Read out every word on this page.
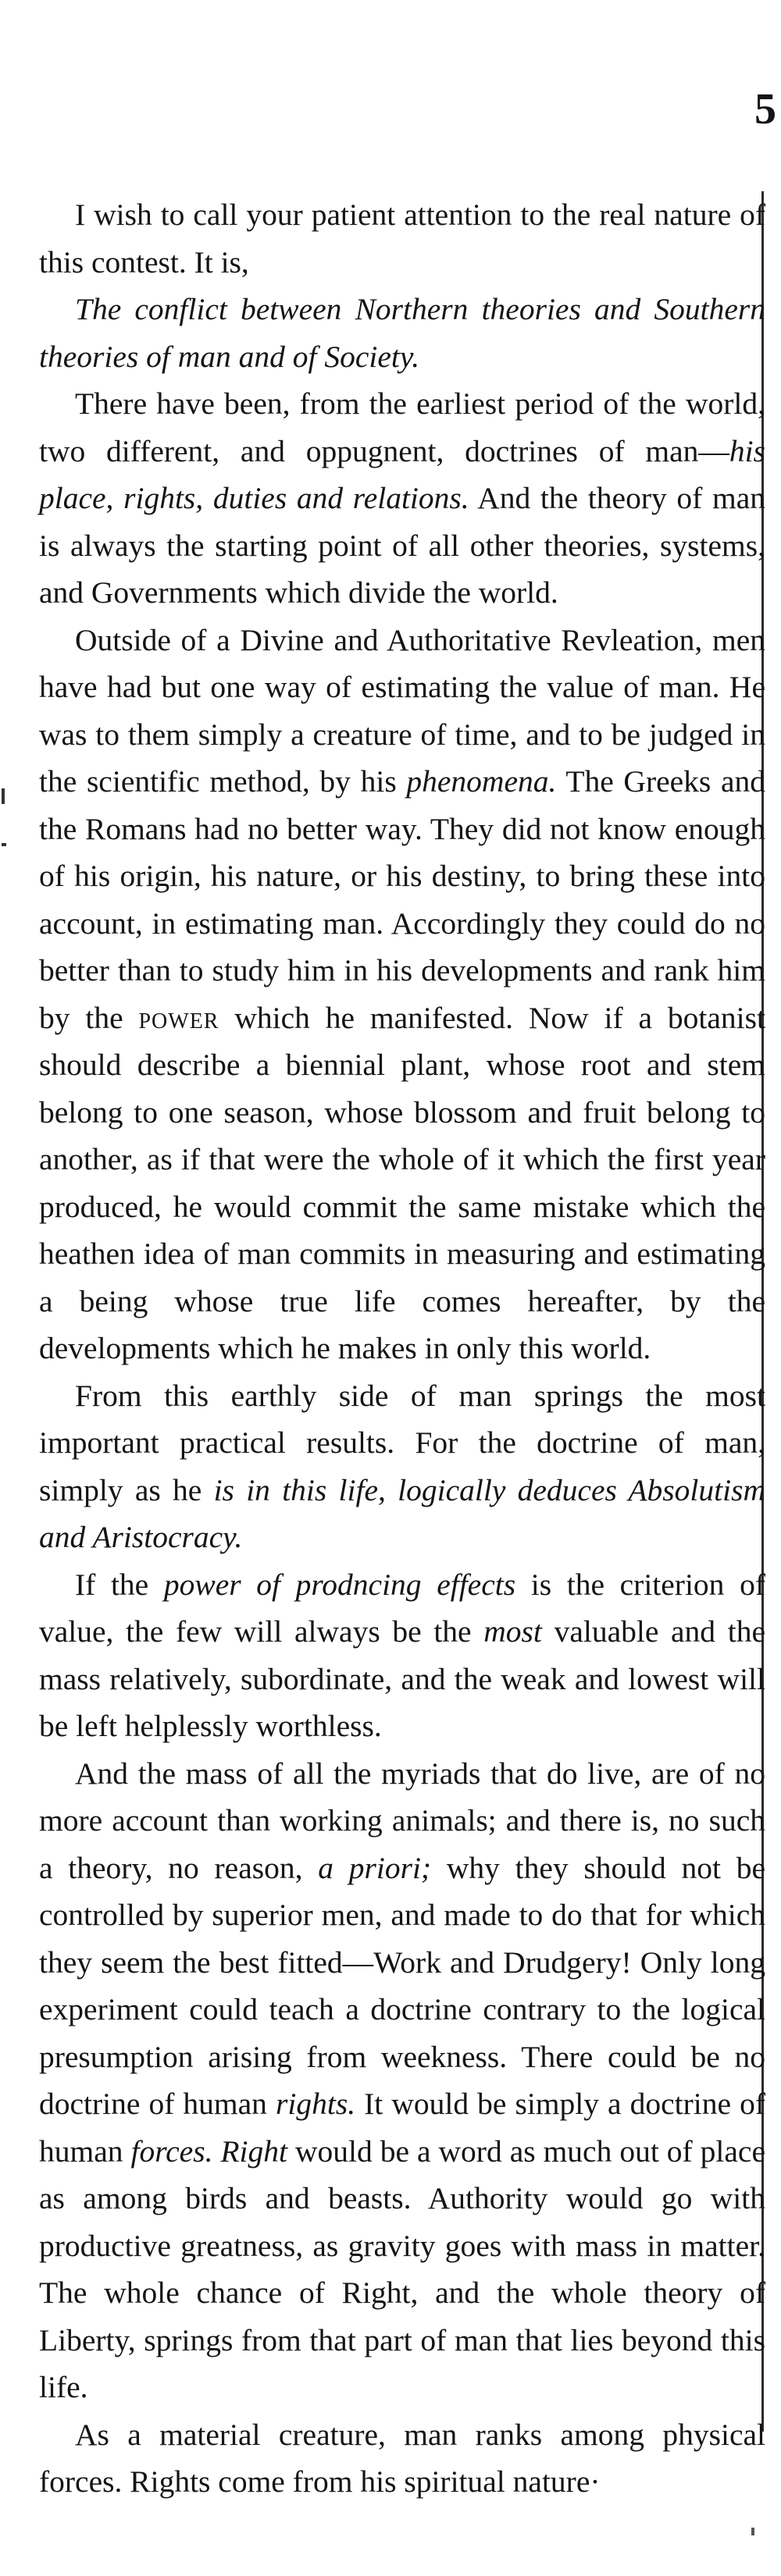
5

I wish to call your patient attention to the real nature of this contest. It is,

The conflict between Northern theories and Southern theories of man and of Society.

There have been, from the earliest period of the world, two different, and oppugnent, doctrines of man—his place, rights, duties and relations. And the theory of man is always the starting point of all other theories, systems, and Governments which divide the world.

Outside of a Divine and Authoritative Revleation, men have had but one way of estimating the value of man. He was to them simply a creature of time, and to be judged in the scientific method, by his phenomena. The Greeks and the Romans had no better way. They did not know enough of his origin, his nature, or his destiny, to bring these into account, in estimating man. Accordingly they could do no better than to study him in his developments and rank him by the power which he manifested. Now if a botanist should describe a biennial plant, whose root and stem belong to one season, whose blossom and fruit belong to another, as if that were the whole of it which the first year produced, he would commit the same mistake which the heathen idea of man commits in measuring and estimating a being whose true life comes hereafter, by the developments which he makes in only this world.

From this earthly side of man springs the most important practical results. For the doctrine of man, simply as he is in this life, logically deduces Absolutism and Aristocracy.

If the power of prodncing effects is the criterion of value, the few will always be the most valuable and the mass relatively, subordinate, and the weak and lowest will be left helplessly worthless.

And the mass of all the myriads that do live, are of no more account than working animals; and there is, no such a theory, no reason, a priori; why they should not be controlled by superior men, and made to do that for which they seem the best fitted—Work and Drudgery! Only long experiment could teach a doctrine contrary to the logical presumption arising from weekness. There could be no doctrine of human rights. It would be simply a doctrine of human forces. Right would be a word as much out of place as among birds and beasts. Authority would go with productive greatness, as gravity goes with mass in matter. The whole chance of Right, and the whole theory of Liberty, springs from that part of man that lies beyond this life.

As a material creature, man ranks among physical forces. Rights come from his spiritual nature·
